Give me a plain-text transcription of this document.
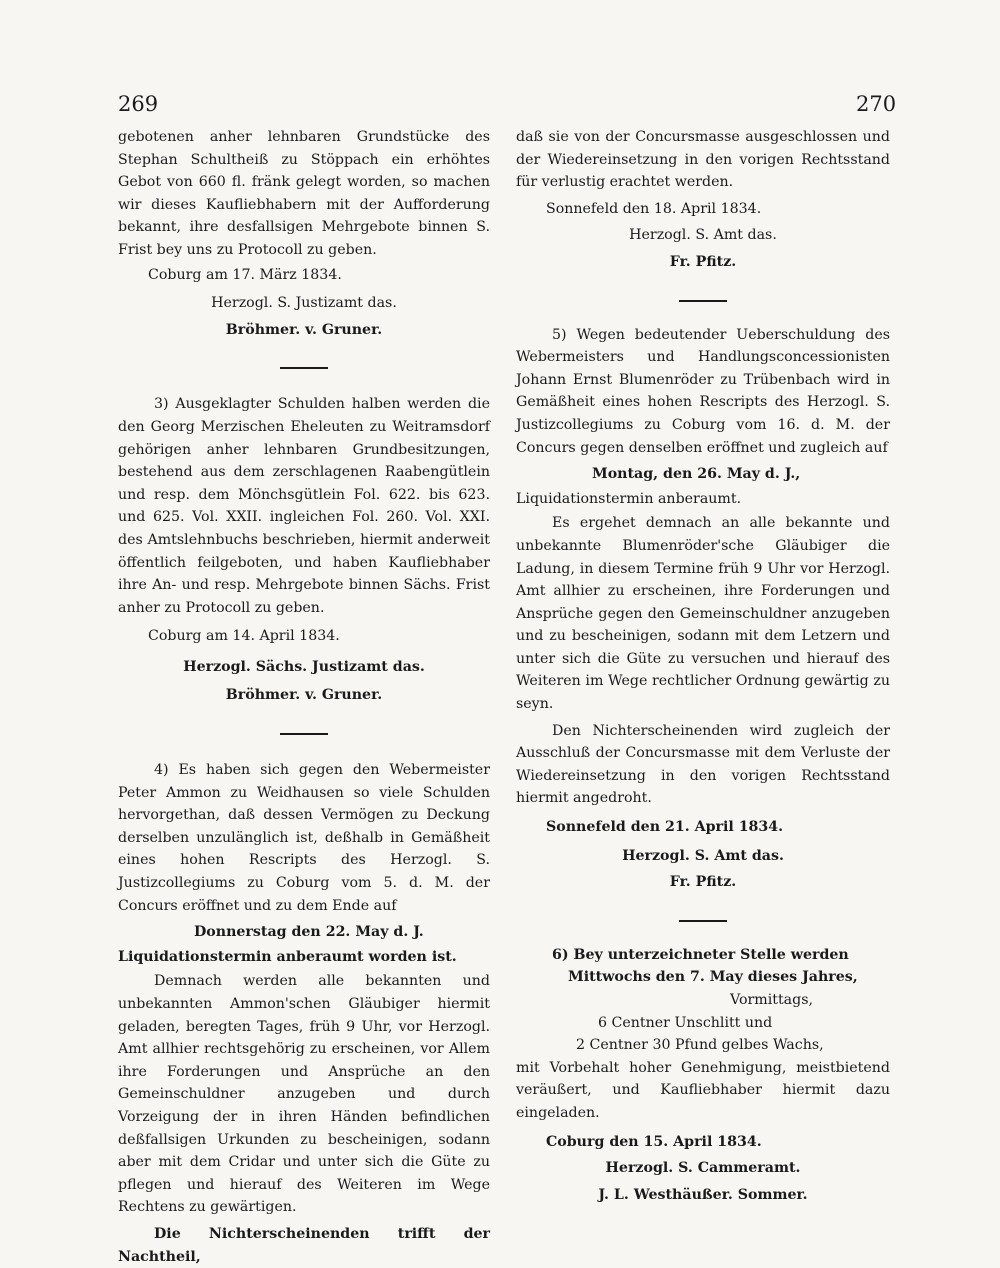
269	270

gebotenen anher lehnbaren Grundstücke des Stephan Schultheiß zu Stöppach ein erhöhtes Gebot von 660 fl. fränk gelegt worden, so machen wir dieses Kaufliebhabern mit der Aufforderung bekannt, ihre desfallsigen Mehrgebote binnen S. Frist bey uns zu Protocoll zu geben.

Coburg am 17. März 1834.

Herzogl. S. Justizamt das.

Bröhmer. v. Gruner.

3) Ausgeklagter Schulden halben werden die den Georg Merzischen Eheleuten zu Weitramsdorf gehörigen anher lehnbaren Grundbesitzungen, bestehend aus dem zerschlagenen Raabengütlein und resp. dem Mönchsgütlein Fol. 622. bis 623. und 625. Vol. XXII. ingleichen Fol. 260. Vol. XXI. des Amtslehnbuchs beschrieben, hiermit anderweit öffentlich feilgeboten, und haben Kaufliebhaber ihre An- und resp. Mehrgebote binnen Sächs. Frist anher zu Protocoll zu geben.

Coburg am 14. April 1834.

Herzogl. Sächs. Justizamt das.

Bröhmer. v. Gruner.

4) Es haben sich gegen den Webermeister Peter Ammon zu Weidhausen so viele Schulden hervorgethan, daß dessen Vermögen zu Deckung derselben unzulänglich ist, deßhalb in Gemäßheit eines hohen Rescripts des Herzogl. S. Justizcollegiums zu Coburg vom 5. d. M. der Concurs eröffnet und zu dem Ende auf

Donnerstag den 22. May d. J.

Liquidationstermin anberaumt worden ist.

Demnach werden alle bekannten und unbekannten Ammon'schen Gläubiger hiermit geladen, beregten Tages, früh 9 Uhr, vor Herzogl. Amt allhier rechtsgehörig zu erscheinen, vor Allem ihre Forderungen und Ansprüche an den Gemeinschuldner anzugeben und durch Vorzeigung der in ihren Händen befindlichen deßfallsigen Urkunden zu bescheinigen, sodann aber mit dem Cridar und unter sich die Güte zu pflegen und hierauf des Weiteren im Wege Rechtens zu gewärtigen.

Die Nichterscheinenden trifft der Nachtheil,

daß sie von der Concursmasse ausgeschlossen und der Wiedereinsetzung in den vorigen Rechtsstand für verlustig erachtet werden.

Sonnefeld den 18. April 1834.

Herzogl. S. Amt das.

Fr. Pfitz.

5) Wegen bedeutender Ueberschuldung des Webermeisters und Handlungsconcessionisten Johann Ernst Blumenröder zu Trübenbach wird in Gemäßheit eines hohen Rescripts des Herzogl. S. Justizcollegiums zu Coburg vom 16. d. M. der Concurs gegen denselben eröffnet und zugleich auf

Montag, den 26. May d. J.,

Liquidationstermin anberaumt.

Es ergehet demnach an alle bekannte und unbekannte Blumenröder'sche Gläubiger die Ladung, in diesem Termine früh 9 Uhr vor Herzogl. Amt allhier zu erscheinen, ihre Forderungen und Ansprüche gegen den Gemeinschuldner anzugeben und zu bescheinigen, sodann mit dem Letzern und unter sich die Güte zu versuchen und hierauf des Weiteren im Wege rechtlicher Ordnung gewärtig zu seyn.

Den Nichterscheinenden wird zugleich der Ausschluß der Concursmasse mit dem Verluste der Wiedereinsetzung in den vorigen Rechtsstand hiermit angedroht.

Sonnefeld den 21. April 1834.

Herzogl. S. Amt das.

Fr. Pfitz.

6) Bey unterzeichneter Stelle werden

Mittwochs den 7. May dieses Jahres,

Vormittags,

6 Centner Unschlitt und

2 Centner 30 Pfund gelbes Wachs,

mit Vorbehalt hoher Genehmigung, meistbietend veräußert, und Kaufliebhaber hiermit dazu eingeladen.

Coburg den 15. April 1834.

Herzogl. S. Cammeramt.

J. L. Westhäußer. Sommer.
